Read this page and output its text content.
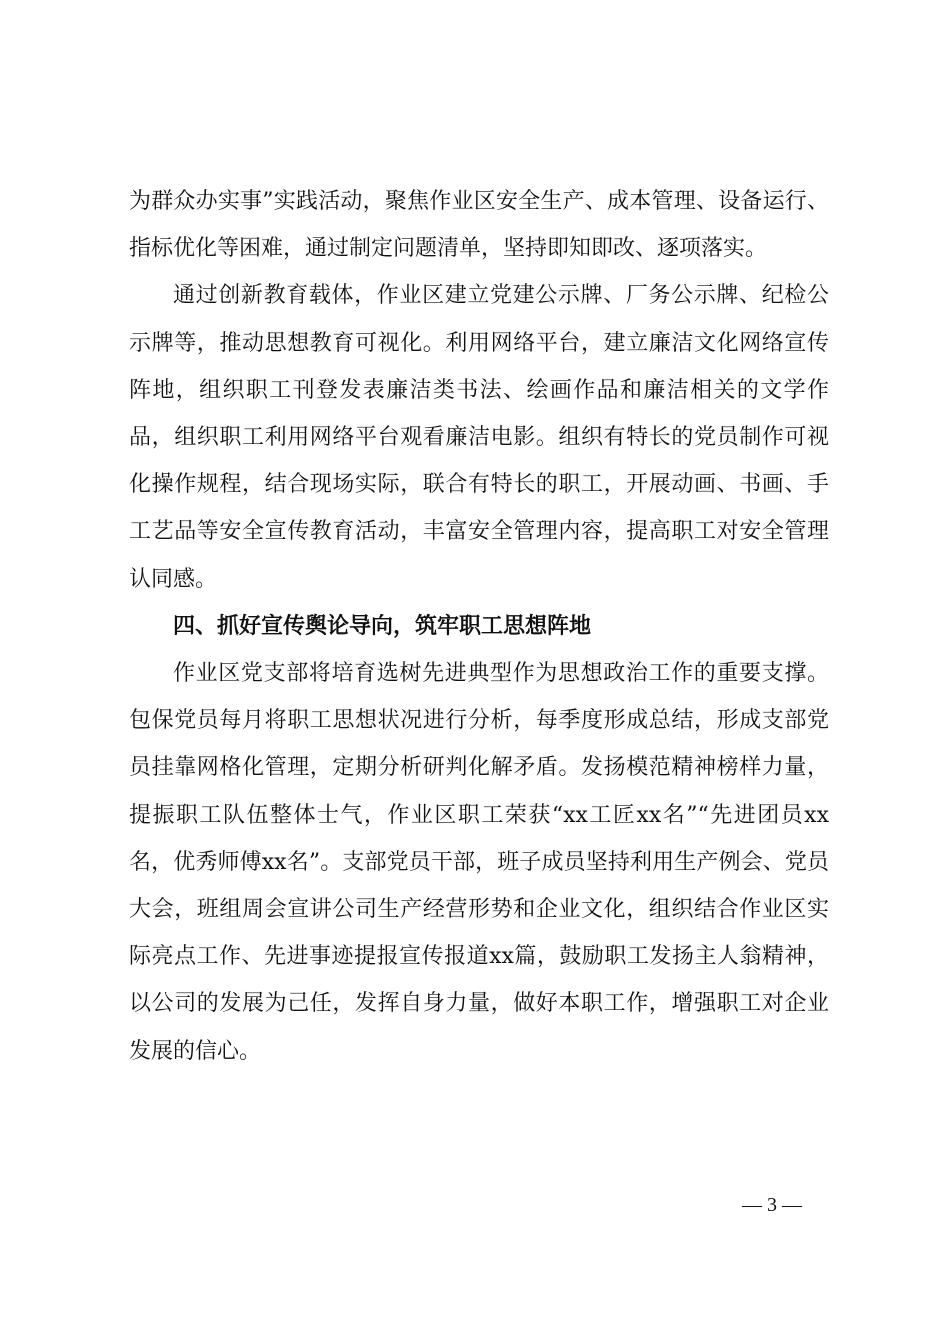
为群众办实事”实践活动，聚焦作业区安全生产、成本管理、设备运行、指标优化等困难，通过制定问题清单，坚持即知即改、逐项落实。

通过创新教育载体，作业区建立党建公示牌、厂务公示牌、纪检公示牌等，推动思想教育可视化。利用网络平台，建立廉洁文化网络宣传阵地，组织职工刊登发表廉洁类书法、绘画作品和廉洁相关的文学作品，组织职工利用网络平台观看廉洁电影。组织有特长的党员制作可视化操作规程，结合现场实际，联合有特长的职工，开展动画、书画、手工艺品等安全宣传教育活动，丰富安全管理内容，提高职工对安全管理认同感。

四、抓好宣传舆论导向，筑牢职工思想阵地

作业区党支部将培育选树先进典型作为思想政治工作的重要支撑。包保党员每月将职工思想状况进行分析，每季度形成总结，形成支部党员挂靠网格化管理，定期分析研判化解矛盾。发扬模范精神榜样力量，提振职工队伍整体士气，作业区职工荣获“xx工匠xx名”“先进团员xx名，优秀师傅xx名”。支部党员干部，班子成员坚持利用生产例会、党员大会，班组周会宣讲公司生产经营形势和企业文化，组织结合作业区实际亮点工作、先进事迹提报宣传报道xx篇，鼓励职工发扬主人翁精神，以公司的发展为己任，发挥自身力量，做好本职工作，增强职工对企业发展的信心。

— 3 —
